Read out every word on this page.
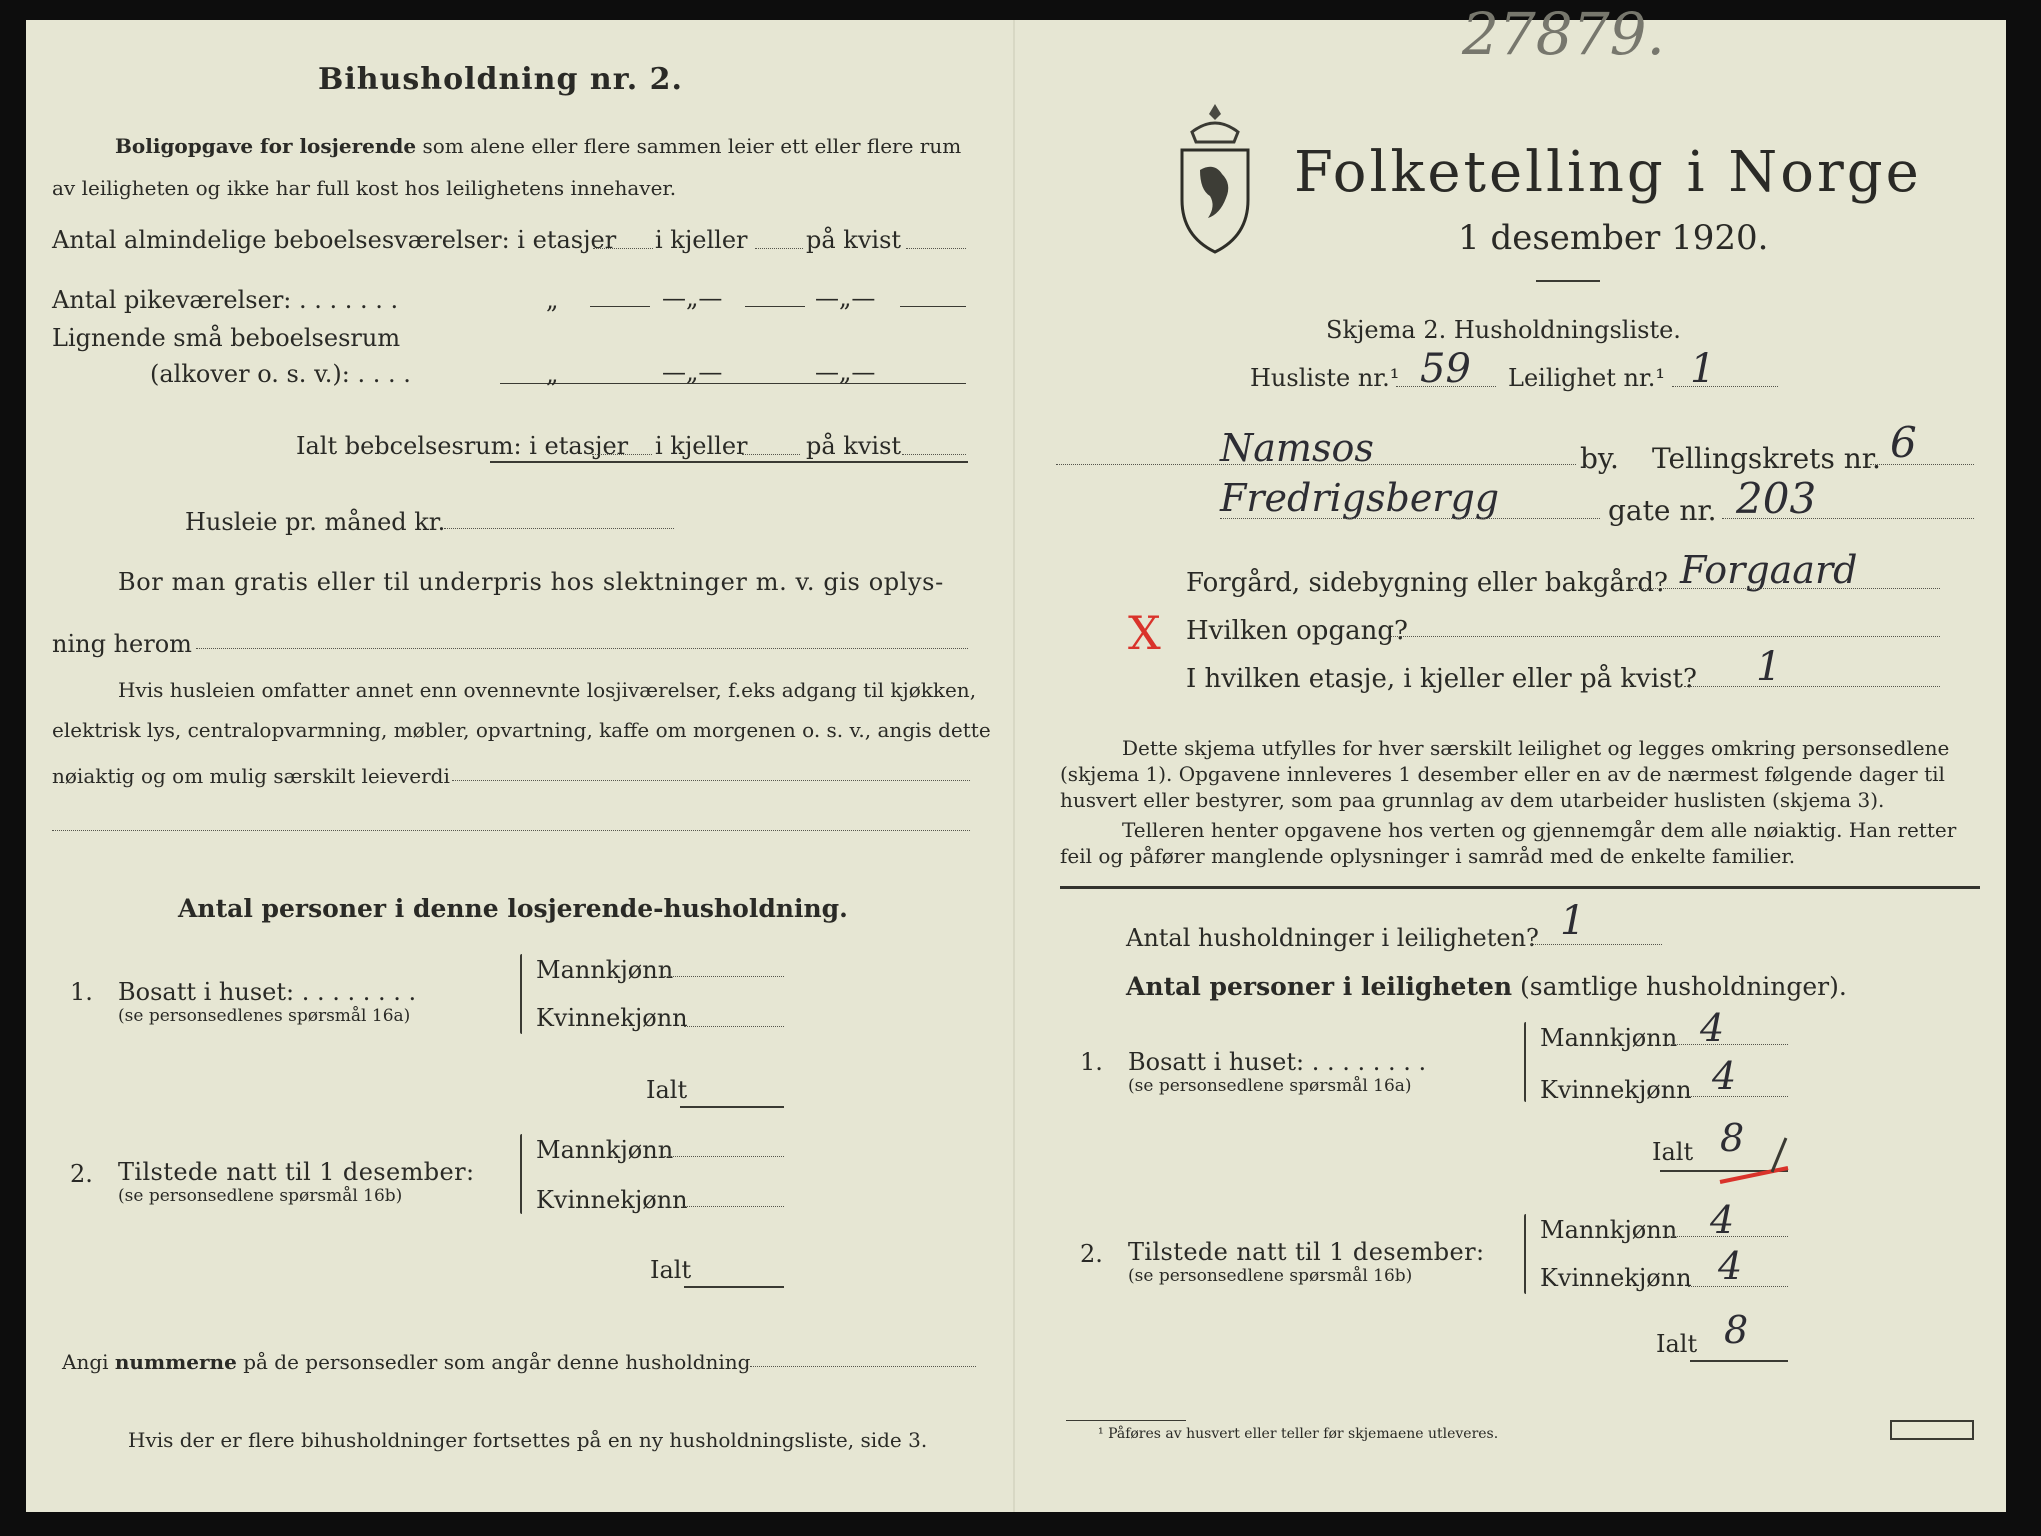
27879.
Bihusholdning nr. 2.
Boligopgave for losjerende som alene eller flere sammen leier ett eller flere rum
av leiligheten og ikke har full kost hos leilighetens innehaver.
Antal almindelige beboelsesværelser: i etasjer i kjeller på kvist
Antal pikeværelser: . . . . . . .	„	—„—	—„—
Lignende små beboelsesrum
(alkover o. s. v.): . . . .	„	—„—	—„—
Ialt bebcelsesrum: i etasjer i kjeller på kvist
Husleie pr. måned kr.
Bor man gratis eller til underpris hos slektninger m. v. gis oplys-
ning herom
Hvis husleien omfatter annet enn ovennevnte losjiværelser, f.eks adgang til kjøkken,
elektrisk lys, centralopvarmning, møbler, opvartning, kaffe om morgenen o. s. v., angis dette
nøiaktig og om mulig særskilt leieverdi
Antal personer i denne losjerende-husholdning.
1. Bosatt i huset: . . . . . . . .
(se personsedlenes spørsmål 16a)
Mannkjønn
Kvinnekjønn
Ialt
2. Tilstede natt til 1 desember:
(se personsedlene spørsmål 16b)
Mannkjønn
Kvinnekjønn
Ialt
Angi nummerne på de personsedler som angår denne husholdning
Hvis der er flere bihusholdninger fortsettes på en ny husholdningsliste, side 3.
Folketelling i Norge
1 desember 1920.
Skjema 2. Husholdningsliste.
Husliste nr.¹ 59 Leilighet nr.¹ 1
Namsos	by. Tellingskrets nr. 6
Fredrigsbergg	gate nr. 203
Forgård, sidebygning eller bakgård? Forgaard
X Hvilken opgang?
I hvilken etasje, i kjeller eller på kvist? 1
Dette skjema utfylles for hver særskilt leilighet og legges omkring personsedlene
(skjema 1). Opgavene innleveres 1 desember eller en av de nærmest følgende dager til
husvert eller bestyrer, som paa grunnlag av dem utarbeider huslisten (skjema 3).
Telleren henter opgavene hos verten og gjennemgår dem alle nøiaktig. Han retter
feil og påfører manglende oplysninger i samråd med de enkelte familier.
Antal husholdninger i leiligheten? 1
Antal personer i leiligheten (samtlige husholdninger).
1. Bosatt i huset: . . . . . . . .
(se personsedlene spørsmål 16a)
Mannkjønn 4
Kvinnekjønn 4
Ialt 8
2. Tilstede natt til 1 desember:
(se personsedlene spørsmål 16b)
Mannkjønn 4
Kvinnekjønn 4
Ialt 8
¹ Påføres av husvert eller teller før skjemaene utleveres.
